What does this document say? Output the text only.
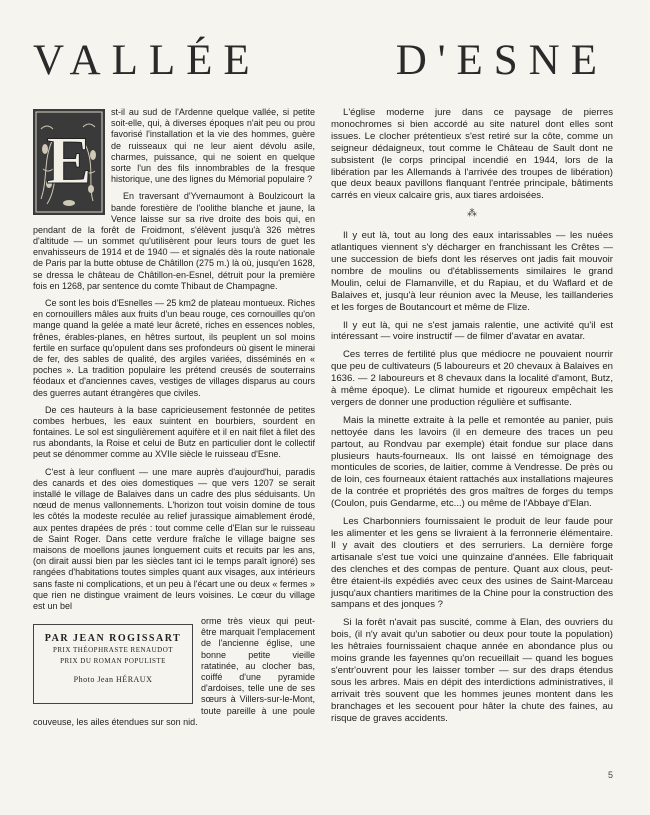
VALLÉE	D'ESNE
E

st-il au sud de l'Ardenne quelque vallée, si petite soit-elle, qui, à diverses époques n'ait peu ou prou favorisé l'installation et la vie des hommes, guère de ruisseaux qui ne leur aient dévolu asile, charmes, puissance, qui ne soient en quelque sorte l'un des fils innombrables de la fresque historique, une des lignes du Mémorial populaire ?

En traversant d'Yvernaumont à Boulzicourt la bande forestière de l'oolithe blanche et jaune, la Vence laisse sur sa rive droite des bois qui, en pendant de la forêt de Froidmont, s'élèvent jusqu'à 326 mètres d'altitude — un sommet qu'utilisèrent pour leurs tours de guet les envahisseurs de 1914 et de 1940 — et signalés dès la route nationale de Paris par la butte obtuse de Châtillon (275 m.) là où, jusqu'en 1628, se dressa le château de Châtillon-en-Esnel, détruit pour la première fois en 1268, par sentence du comte Thibaut de Champagne.

Ce sont les bois d'Esnelles — 25 km2 de plateau montueux. Riches en cornouillers mâles aux fruits d'un beau rouge, ces cornouilles qu'on mange quand la gelée a maté leur âcreté, riches en essences nobles, frênes, érables-planes, en hêtres surtout, ils peuplent un sol moins fertile en surface qu'opulent dans ses profondeurs où gisent le minerai de fer, des sables de qualité, des argiles variées, disséminés en « poches ». La tradition populaire les prétend creusés de souterrains féodaux et d'anciennes caves, vestiges de villages disparus au cours des guerres autant étrangères que civiles.

De ces hauteurs à la base capricieusement festonnée de petites combes herbues, les eaux suintent en bourbiers, sourdent en fontaines. Le sol est singulièrement aquifère et il en nait filet à filet des rus abondants, la Roise et celui de Butz en particulier dont le collectif peut se dénommer comme au XVIIe siècle le ruisseau d'Esne.

C'est à leur confluent — une mare auprès d'aujourd'hui, paradis des canards et des oies domestiques — que vers 1207 se serait installé le village de Balaives dans un cadre des plus séduisants. Un nœud de menus vallonnements. L'horizon tout voisin domine de tous les côtés la modeste reculée au relief jurassique aimablement érodé, aux pentes drapées de prés : tout comme celle d'Elan sur le ruisseau de Saint Roger. Dans cette verdure fraîche le village baigne ses maisons de moellons jaunes longuement cuits et recuits par les ans, (on dirait aussi bien par les siècles tant ici le temps paraît ignoré) ses rangées d'habitations toutes simples quant aux visages, aux intérieurs sans faste ni complications, et un peu à l'écart une ou deux « fermes » que rien ne distingue vraiment de leurs voisines. Le cœur du village est un bel

PAR JEAN ROGISSART
PRIX THÉOPHRASTE RENAUDOT
PRIX DU ROMAN POPULISTE
Photo Jean HÉRAUX

orme très vieux qui peut-être marquait l'emplacement de l'ancienne église, une bonne petite vieille ratatinée, au clocher bas, coiffé d'une pyramide d'ardoises, telle une de ses sœurs à Villers-sur-le-Mont, toute pareille à une poule couveuse, les ailes étendues sur son nid.

L'église moderne jure dans ce paysage de pierres monochromes si bien accordé au site naturel dont elles sont issues. Le clocher prétentieux s'est retiré sur la côte, comme un seigneur dédaigneux, tout comme le Château de Sault dont ne subsistent (le corps principal incendié en 1944, lors de la libération par les Allemands à l'arrivée des troupes de libération) que deux beaux pavillons flanquant l'entrée principale, bâtiments carrés en vieux calcaire gris, aux tiares ardoisées.

⁂

Il y eut là, tout au long des eaux intarissables — les nuées atlantiques viennent s'y décharger en franchissant les Crêtes — une succession de biefs dont les réserves ont jadis fait mouvoir nombre de moulins ou d'établissements similaires le grand Moulin, celui de Flamanville, et du Rapiau, et du Waflard et de Balaives et, jusqu'à leur réunion avec la Meuse, les taillanderies et les forges de Boutancourt et même de Flize.

Il y eut là, qui ne s'est jamais ralentie, une activité qu'il est intéressant — voire instructif — de filmer d'avatar en avatar.

Ces terres de fertilité plus que médiocre ne pouvaient nourrir que peu de cultivateurs (5 laboureurs et 20 chevaux à Balaives en 1636. — 2 laboureurs et 8 chevaux dans la localité d'amont, Butz, à même époque). Le climat humide et rigoureux empêchait les vergers de donner une production régulière et suffisante.

Mais la minette extraite à la pelle et remontée au panier, puis nettoyée dans les lavoirs (il en demeure des traces un peu partout, au Rondvau par exemple) était fondue sur place dans plusieurs hauts-fourneaux. Ils ont laissé en témoignage des monticules de scories, de laitier, comme à Vendresse. De près ou de loin, ces fourneaux étaient rattachés aux installations majeures de la contrée et propriétés des gros maîtres de forges du temps (Coulon, puis Gendarme, etc...) ou même de l'Abbaye d'Elan.

Les Charbonniers fournissaient le produit de leur faude pour les alimenter et les gens se livraient à la ferronnerie élémentaire. Il y avait des cloutiers et des serruriers. La dernière forge artisanale s'est tue voici une quinzaine d'années. Elle fabriquait des clenches et des compas de penture. Quant aux clous, peut-être étaient-ils expédiés avec ceux des usines de Saint-Marceau jusqu'aux chantiers maritimes de la Chine pour la construction des sampans et des jonques ?

Si la forêt n'avait pas suscité, comme à Elan, des ouvriers du bois, (il n'y avait qu'un sabotier ou deux pour toute la population) les hêtraies fournissaient chaque année en abondance plus ou moins grande les fayennes qu'on recueillait — quand les bogues s'entr'ouvrent pour les laisser tomber — sur des draps étendus sous les arbres. Mais en dépit des interdictions administratives, il arrivait très souvent que les hommes jeunes montent dans les branchages et les secouent pour hâter la chute des faines, au risque de graves accidents.

5
